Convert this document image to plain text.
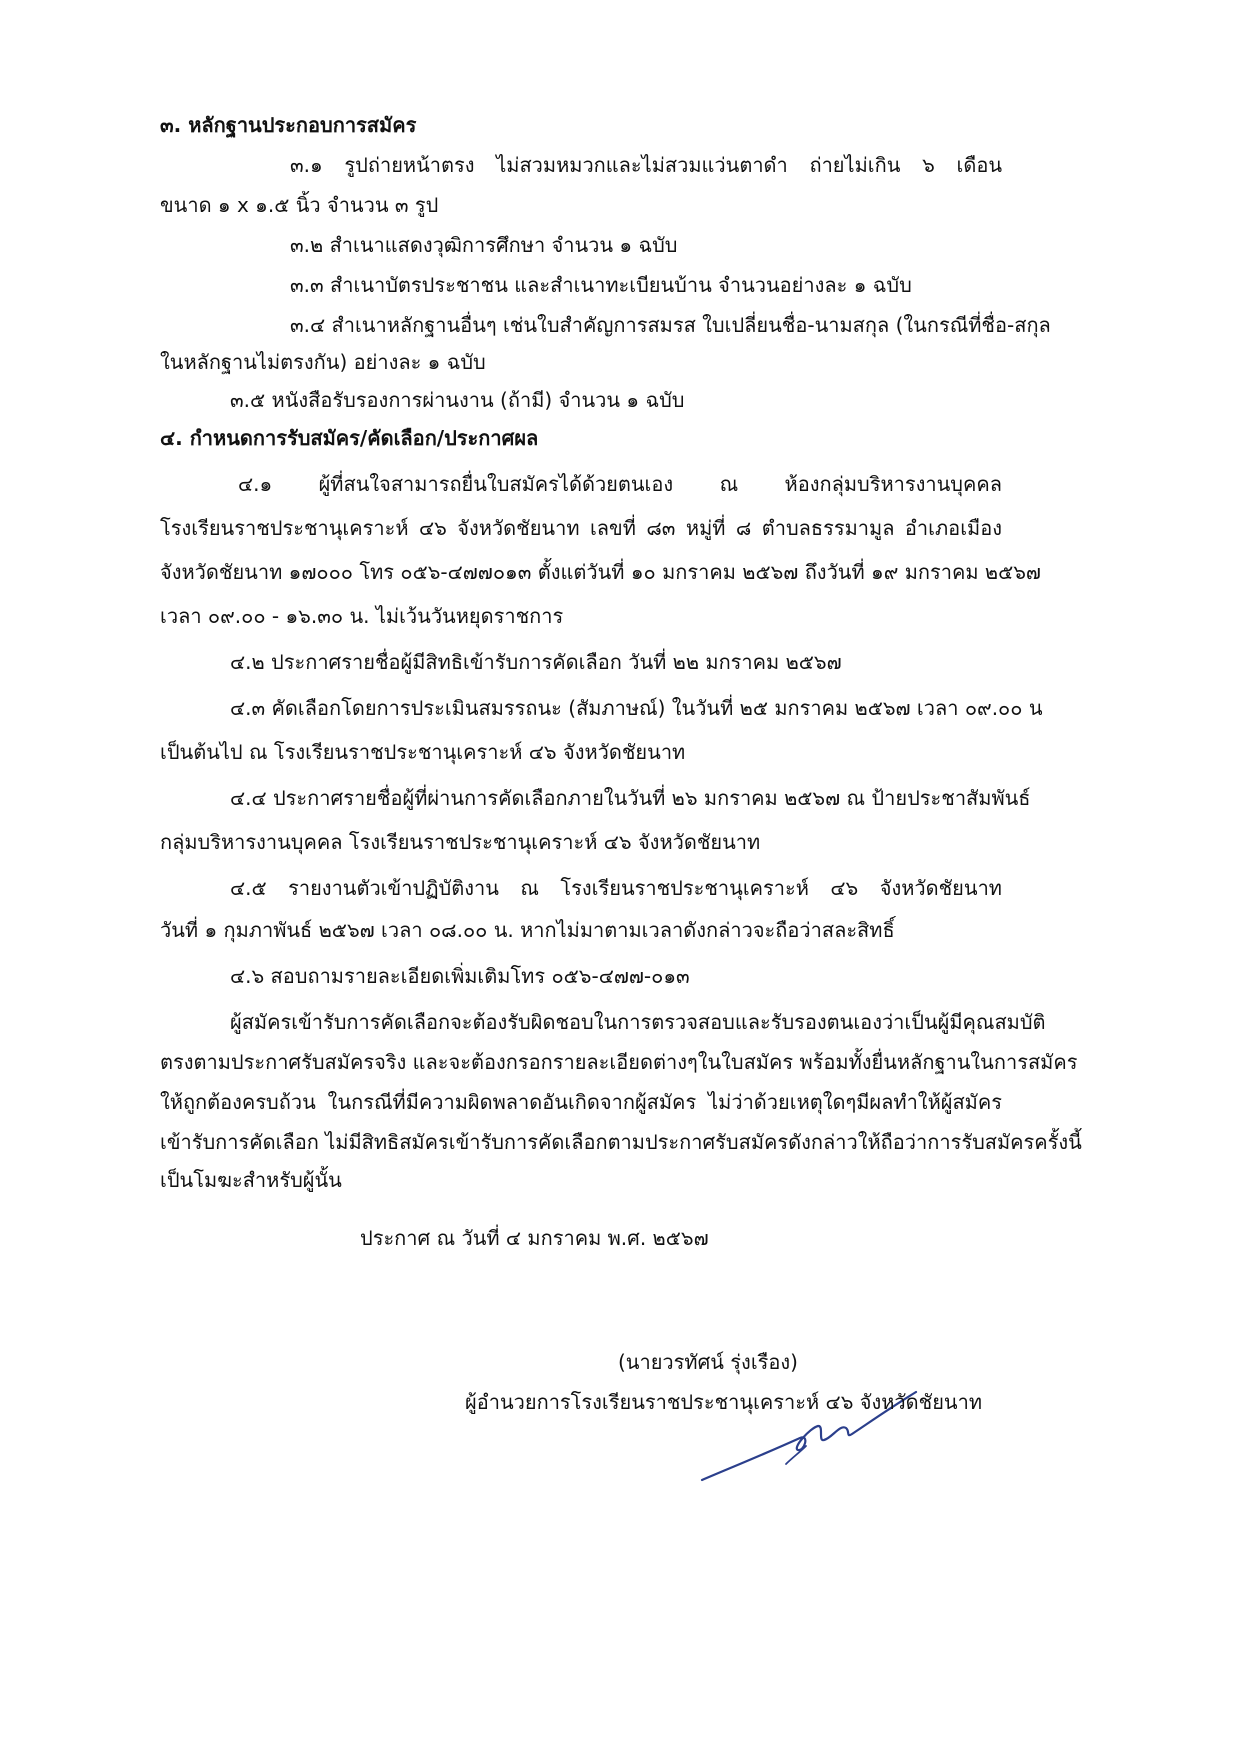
๓. หลักฐานประกอบการสมัคร
๓.๑ รูปถ่ายหน้าตรง ไม่สวมหมวกและไม่สวมแว่นตาดำ ถ่ายไม่เกิน ๖ เดือน
ขนาด ๑ x ๑.๕ นิ้ว จำนวน ๓ รูป
๓.๒ สำเนาแสดงวุฒิการศึกษา จำนวน ๑ ฉบับ
๓.๓ สำเนาบัตรประชาชน และสำเนาทะเบียนบ้าน จำนวนอย่างละ ๑ ฉบับ
๓.๔ สำเนาหลักฐานอื่นๆ เช่นใบสำคัญการสมรส ใบเปลี่ยนชื่อ-นามสกุล (ในกรณีที่ชื่อ-สกุล
ในหลักฐานไม่ตรงกัน) อย่างละ ๑ ฉบับ
๓.๕ หนังสือรับรองการผ่านงาน (ถ้ามี) จำนวน ๑ ฉบับ
๔. กำหนดการรับสมัคร/คัดเลือก/ประกาศผล
๔.๑ ผู้ที่สนใจสามารถยื่นใบสมัครได้ด้วยตนเอง ณ ห้องกลุ่มบริหารงานบุคคล
โรงเรียนราชประชานุเคราะห์ ๔๖ จังหวัดชัยนาท เลขที่ ๘๓ หมู่ที่ ๘ ตำบลธรรมามูล อำเภอเมือง
จังหวัดชัยนาท ๑๗๐๐๐ โทร ๐๕๖-๔๗๗๐๑๓ ตั้งแต่วันที่ ๑๐ มกราคม ๒๕๖๗ ถึงวันที่ ๑๙ มกราคม ๒๕๖๗
เวลา ๐๙.๐๐ - ๑๖.๓๐ น. ไม่เว้นวันหยุดราชการ
๔.๒ ประกาศรายชื่อผู้มีสิทธิเข้ารับการคัดเลือก วันที่ ๒๒ มกราคม ๒๕๖๗
๔.๓ คัดเลือกโดยการประเมินสมรรถนะ (สัมภาษณ์) ในวันที่ ๒๕ มกราคม ๒๕๖๗ เวลา ๐๙.๐๐ น
เป็นต้นไป ณ โรงเรียนราชประชานุเคราะห์ ๔๖ จังหวัดชัยนาท
๔.๔ ประกาศรายชื่อผู้ที่ผ่านการคัดเลือกภายในวันที่ ๒๖ มกราคม ๒๕๖๗ ณ ป้ายประชาสัมพันธ์
กลุ่มบริหารงานบุคคล โรงเรียนราชประชานุเคราะห์ ๔๖ จังหวัดชัยนาท
๔.๕ รายงานตัวเข้าปฏิบัติงาน ณ โรงเรียนราชประชานุเคราะห์ ๔๖ จังหวัดชัยนาท
วันที่ ๑ กุมภาพันธ์ ๒๕๖๗ เวลา ๐๘.๐๐ น. หากไม่มาตามเวลาดังกล่าวจะถือว่าสละสิทธิ์
๔.๖ สอบถามรายละเอียดเพิ่มเติมโทร ๐๕๖-๔๗๗-๐๑๓
ผู้สมัครเข้ารับการคัดเลือกจะต้องรับผิดชอบในการตรวจสอบและรับรองตนเองว่าเป็นผู้มีคุณสมบัติ
ตรงตามประกาศรับสมัครจริง และจะต้องกรอกรายละเอียดต่างๆในใบสมัคร พร้อมทั้งยื่นหลักฐานในการสมัคร
ให้ถูกต้องครบถ้วน ในกรณีที่มีความผิดพลาดอันเกิดจากผู้สมัคร ไม่ว่าด้วยเหตุใดๆมีผลทำให้ผู้สมัคร
เข้ารับการคัดเลือก ไม่มีสิทธิสมัครเข้ารับการคัดเลือกตามประกาศรับสมัครดังกล่าวให้ถือว่าการรับสมัครครั้งนี้
เป็นโมฆะสำหรับผู้นั้น
ประกาศ ณ วันที่ ๔ มกราคม พ.ศ. ๒๕๖๗
(นายวรทัศน์ รุ่งเรือง)
ผู้อำนวยการโรงเรียนราชประชานุเคราะห์ ๔๖ จังหวัดชัยนาท
